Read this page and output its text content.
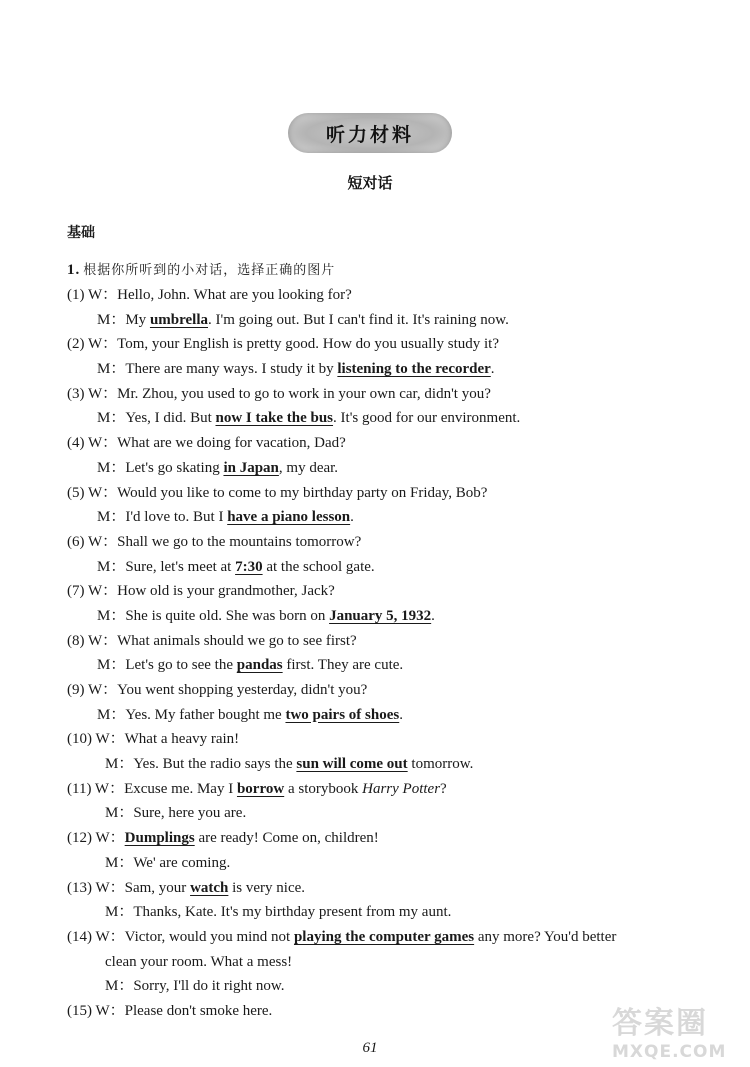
听力材料
短对话
基础
1. 根据你所听到的小对话，选择正确的图片
(1) W：Hello, John. What are you looking for?
M：My umbrella. I'm going out. But I can't find it. It's raining now.
(2) W：Tom, your English is pretty good. How do you usually study it?
M：There are many ways. I study it by listening to the recorder.
(3) W：Mr. Zhou, you used to go to work in your own car, didn't you?
M：Yes, I did. But now I take the bus. It's good for our environment.
(4) W：What are we doing for vacation, Dad?
M：Let's go skating in Japan, my dear.
(5) W：Would you like to come to my birthday party on Friday, Bob?
M：I'd love to. But I have a piano lesson.
(6) W：Shall we go to the mountains tomorrow?
M：Sure, let's meet at 7:30 at the school gate.
(7) W：How old is your grandmother, Jack?
M：She is quite old. She was born on January 5, 1932.
(8) W：What animals should we go to see first?
M：Let's go to see the pandas first. They are cute.
(9) W：You went shopping yesterday, didn't you?
M：Yes. My father bought me two pairs of shoes.
(10) W：What a heavy rain!
M：Yes. But the radio says the sun will come out tomorrow.
(11) W：Excuse me. May I borrow a storybook Harry Potter?
M：Sure, here you are.
(12) W：Dumplings are ready! Come on, children!
M：We' are coming.
(13) W：Sam, your watch is very nice.
M：Thanks, Kate. It's my birthday present from my aunt.
(14) W：Victor, would you mind not playing the computer games any more? You'd better
clean your room. What a mess!
M：Sorry, I'll do it right now.
(15) W：Please don't smoke here.
61
答案圈
MXQE.COM
